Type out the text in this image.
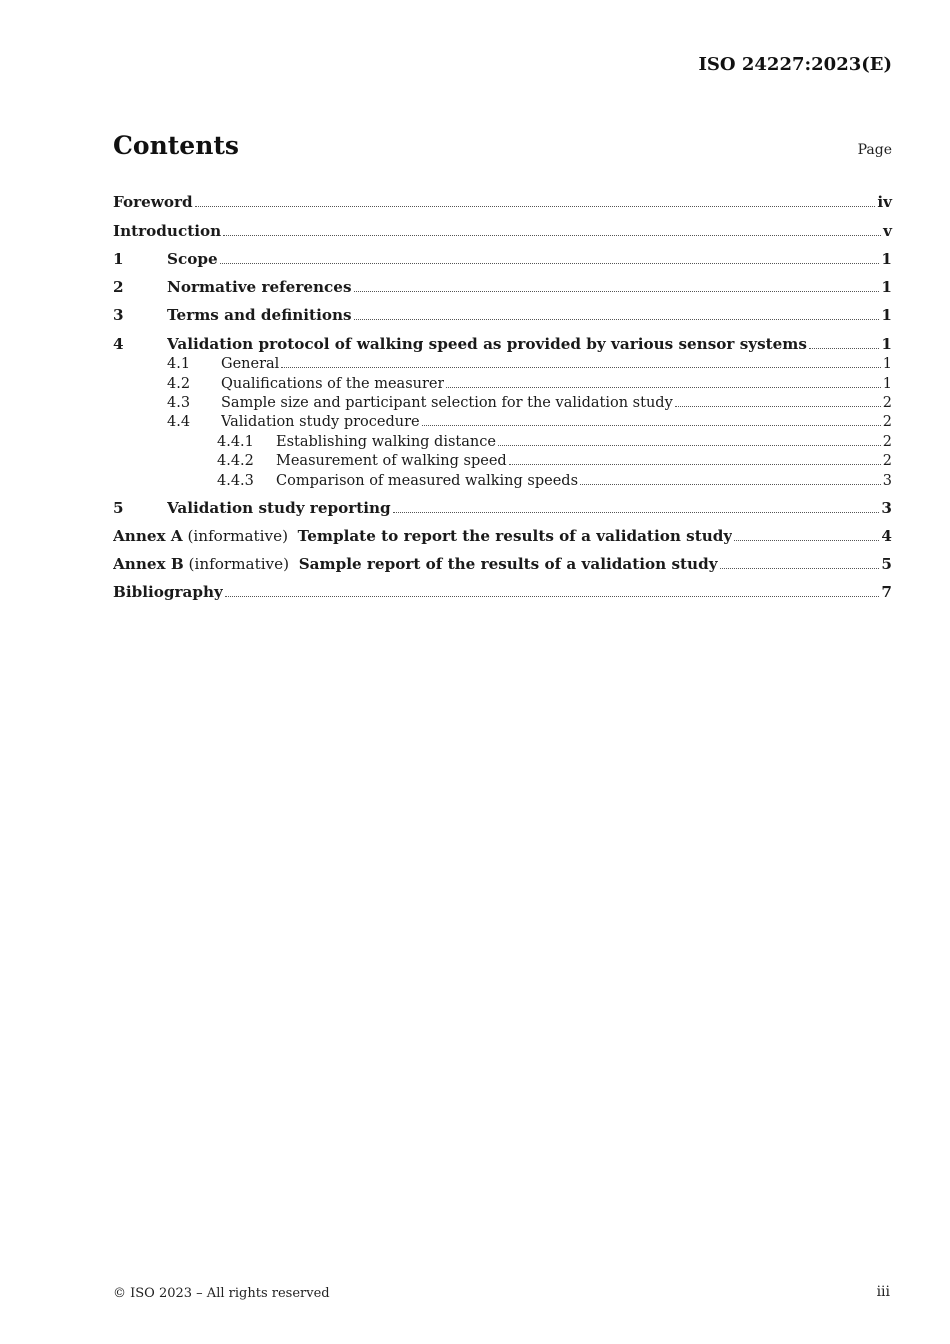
ISO 24227:2023(E)
Contents	Page
Foreword	iv
Introduction	v
1	Scope	1
2	Normative references	1
3	Terms and definitions	1
4	Validation protocol of walking speed as provided by various sensor systems	1
4.1	General	1
4.2	Qualifications of the measurer	1
4.3	Sample size and participant selection for the validation study	2
4.4	Validation study procedure	2
4.4.1	Establishing walking distance	2
4.4.2	Measurement of walking speed	2
4.4.3	Comparison of measured walking speeds	3
5	Validation study reporting	3
Annex A (informative)  Template to report the results of a validation study	4
Annex B (informative)  Sample report of the results of a validation study	5
Bibliography	7
© ISO 2023 – All rights reserved	iii
